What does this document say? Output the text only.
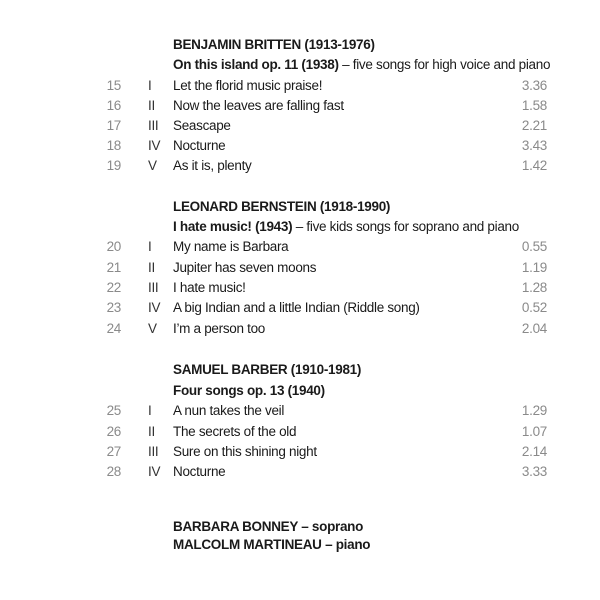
BENJAMIN BRITTEN (1913-1976)
On this island op. 11 (1938) – five songs for high voice and piano
15 I Let the florid music praise!	3.36
16 II Now the leaves are falling fast	1.58
17 III Seascape	2.21
18 IV Nocturne	3.43
19 V As it is, plenty	1.42
LEONARD BERNSTEIN (1918-1990)
I hate music! (1943) – five kids songs for soprano and piano
20 I My name is Barbara	0.55
21 II Jupiter has seven moons	1.19
22 III I hate music!	1.28
23 IV A big Indian and a little Indian (Riddle song)	0.52
24 V I’m a person too	2.04
SAMUEL BARBER (1910-1981)
Four songs op. 13 (1940)
25 I A nun takes the veil	1.29
26 II The secrets of the old	1.07
27 III Sure on this shining night	2.14
28 IV Nocturne	3.33
BARBARA BONNEY – soprano
MALCOLM MARTINEAU – piano
